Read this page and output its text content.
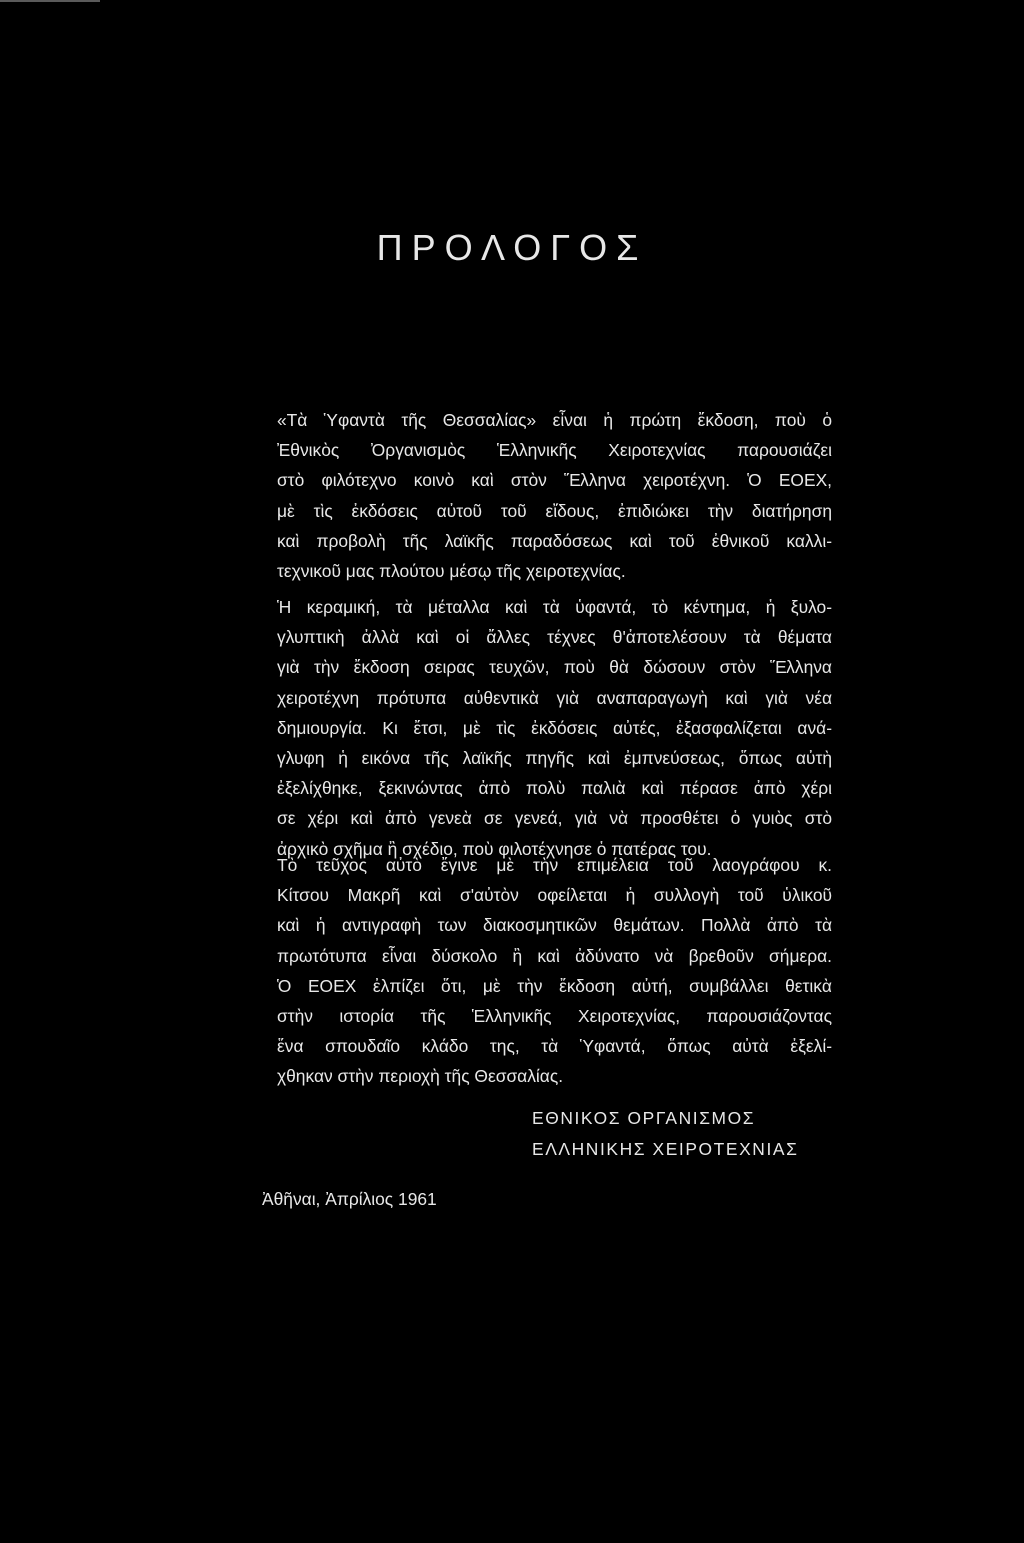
ΠΡΟΛΟΓΟΣ
«Τὰ Ὑφαντὰ τῆς Θεσσαλίας» εἶναι ἡ πρώτη ἔκδοση, ποὺ ὁ
Ἐθνικὸς Ὀργανισμὸς Ἑλληνικῆς Χειροτεχνίας παρουσιάζει
στὸ φιλότεχνο κοινὸ καὶ στὸν Ἕλληνα χειροτέχνη. Ὁ ΕΟΕΧ,
μὲ τὶς ἐκδόσεις αὐτοῦ τοῦ εἴδους, ἐπιδιώκει τὴν διατήρηση
καὶ προβολὴ τῆς λαϊκῆς παραδόσεως καὶ τοῦ ἐθνικοῦ καλλι-
τεχνικοῦ μας πλούτου μέσῳ τῆς χειροτεχνίας.
Ἡ κεραμική, τὰ μέταλλα καὶ τὰ ὑφαντά, τὸ κέντημα, ἡ ξυλο-
γλυπτικὴ ἀλλὰ καὶ οἱ ἄλλες τέχνες θ'ἀποτελέσουν τὰ θέματα
γιὰ τὴν ἔκδοση σειρας τευχῶν, ποὺ θὰ δώσουν στὸν Ἕλληνα
χειροτέχνη πρότυπα αὐθεντικὰ γιὰ αναπαραγωγὴ καὶ γιὰ νέα
δημιουργία. Κι ἔτσι, μὲ τὶς ἐκδόσεις αὐτές, ἐξασφαλίζεται ανά-
γλυφη ἡ εικόνα τῆς λαϊκῆς πηγῆς καὶ ἐμπνεύσεως, ὅπως αὐτὴ
ἐξελίχθηκε, ξεκινώντας ἀπὸ πολὺ παλιὰ καὶ πέρασε ἀπὸ χέρι
σε χέρι καὶ ἀπὸ γενεὰ σε γενεά, γιὰ νὰ προσθέτει ὁ γυιὸς στὸ
ἀρχικὸ σχῆμα ἢ σχέδιο, ποὺ φιλοτέχνησε ὁ πατέρας του.
Τὸ τεῦχος αὐτὸ ἔγινε μὲ τὴν επιμέλεια τοῦ λαογράφου κ.
Κίτσου Μακρῆ καὶ σ'αὐτὸν οφείλεται ἡ συλλογὴ τοῦ ὑλικοῦ
καὶ ἡ αντιγραφὴ των διακοσμητικῶν θεμάτων. Πολλὰ ἀπὸ τὰ
πρωτότυπα εἶναι δύσκολο ἢ καὶ ἀδύνατο νὰ βρεθοῦν σήμερα.
Ὁ ΕΟΕΧ ἐλπίζει ὅτι, μὲ τὴν ἔκδοση αὐτή, συμβάλλει θετικὰ
στὴν ιστορία τῆς Ἑλληνικῆς Χειροτεχνίας, παρουσιάζοντας
ἕνα σπουδαῖο κλάδο της, τὰ Ὑφαντά, ὅπως αὐτὰ ἐξελί-
χθηκαν στὴν περιοχὴ τῆς Θεσσαλίας.
ΕΘΝΙΚΟΣ ΟΡΓΑΝΙΣΜΟΣ
ΕΛΛΗΝΙΚΗΣ ΧΕΙΡΟΤΕΧΝΙΑΣ
Ἀθῆναι, Ἀπρίλιος 1961
